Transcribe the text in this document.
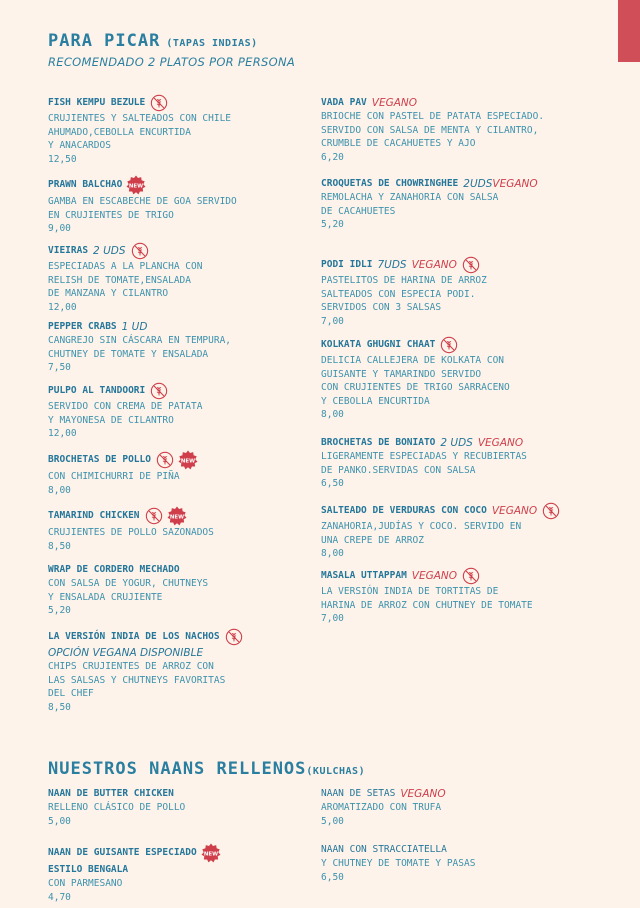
PARA PICAR (TAPAS INDIAS)
RECOMENDADO 2 PLATOS POR PERSONA
FISH KEMPU BEZULE
CRUJIENTES Y SALTEADOS CON CHILE
AHUMADO,CEBOLLA ENCURTIDA
Y ANACARDOS
12,50
PRAWN BALCHAO
GAMBA EN ESCABECHE DE GOA SERVIDO
EN CRUJIENTES DE TRIGO
9,00
VIEIRAS 2 UDS
ESPECIADAS A LA PLANCHA CON
RELISH DE TOMATE,ENSALADA
DE MANZANA Y CILANTRO
12,00
PEPPER CRABS 1 UD
CANGREJO SIN CÁSCARA EN TEMPURA,
CHUTNEY DE TOMATE Y ENSALADA
7,50
PULPO AL TANDOORI
SERVIDO CON CREMA DE PATATA
Y MAYONESA DE CILANTRO
12,00
BROCHETAS DE POLLO
CON CHIMICHURRI DE PIÑA
8,00
TAMARIND CHICKEN
CRUJIENTES DE POLLO SAZONADOS
8,50
WRAP DE CORDERO MECHADO
CON SALSA DE YOGUR, CHUTNEYS
Y ENSALADA CRUJIENTE
5,20
LA VERSIÓN INDIA DE LOS NACHOS
OPCIÓN VEGANA DISPONIBLE
CHIPS CRUJIENTES DE ARROZ CON
LAS SALSAS Y CHUTNEYS FAVORITAS
DEL CHEF
8,50
VADA PAV VEGANO
BRIOCHE CON PASTEL DE PATATA ESPECIADO.
SERVIDO CON SALSA DE MENTA Y CILANTRO,
CRUMBLE DE CACAHUETES Y AJO
6,20
CROQUETAS DE CHOWRINGHEE 2UDS VEGANO
REMOLACHA Y ZANAHORIA CON SALSA
DE CACAHUETES
5,20
PODI IDLI 7UDS VEGANO
PASTELITOS DE HARINA DE ARROZ
SALTEADOS CON ESPECIA PODI.
SERVIDOS CON 3 SALSAS
7,00
KOLKATA GHUGNI CHAAT
DELICIA CALLEJERA DE KOLKATA CON
GUISANTE Y TAMARINDO SERVIDO
CON CRUJIENTES DE TRIGO SARRACENO
Y CEBOLLA ENCURTIDA
8,00
BROCHETAS DE BONIATO 2 UDS VEGANO
LIGERAMENTE ESPECIADAS Y RECUBIERTAS
DE PANKO.SERVIDAS CON SALSA
6,50
SALTEADO DE VERDURAS CON COCO VEGANO
ZANAHORIA,JUDÍAS Y COCO. SERVIDO EN
UNA CREPE DE ARROZ
8,00
MASALA UTTAPPAM VEGANO
LA VERSIÓN INDIA DE TORTITAS DE
HARINA DE ARROZ CON CHUTNEY DE TOMATE
7,00
NUESTROS NAANS RELLENOS(KULCHAS)
NAAN DE BUTTER CHICKEN
RELLENO CLÁSICO DE POLLO
5,00
NAAN DE GUISANTE ESPECIADO
ESTILO BENGALA
CON PARMESANO
4,70
NAAN DE SETAS VEGANO
AROMATIZADO CON TRUFA
5,00
NAAN CON STRACCIATELLA
Y CHUTNEY DE TOMATE Y PASAS
6,50
